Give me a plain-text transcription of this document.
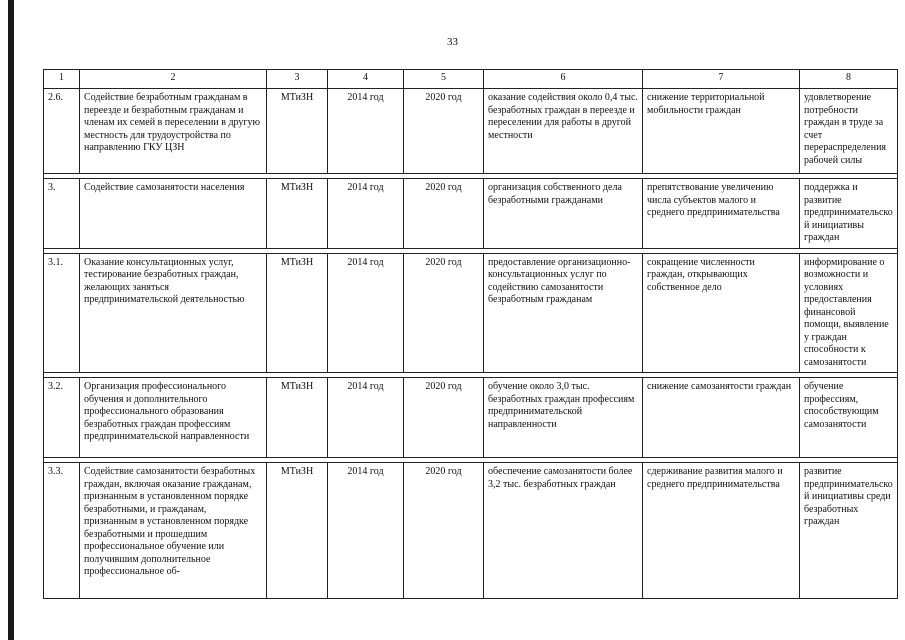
33
1	2	3	4	5	6	7	8
2.6.	Содействие безработным гражданам в переезде и безработным гражданам и членам их семей в переселении в другую местность для трудоустройства по направлению ГКУ ЦЗН	МТиЗН	2014 год	2020 год	оказание содействия около 0,4 тыс. безработных граждан в переезде и переселении для работы в другой местности	снижение территориальной мобильности граждан	удовлетворение потребности граждан в труде за счет перераспределения рабочей силы

3.	Содействие самозанятости населения	МТиЗН	2014 год	2020 год	организация собственного дела безработными гражданами	препятствование увеличению числа субъектов малого и среднего предпринимательства	поддержка и развитие предпринимательской инициативы граждан

3.1.	Оказание консультационных услуг, тестирование безработных граждан, желающих заняться предпринимательской деятельностью	МТиЗН	2014 год	2020 год	предоставление организационно-консультационных услуг по содействию самозанятости безработным гражданам	сокращение численности граждан, открывающих собственное дело	информирование о возможности и условиях предоставления финансовой помощи, выявление у граждан способности к самозанятости

3.2.	Организация профессионального обучения и дополнительного профессионального образования безработных граждан профессиям предпринимательской направленности	МТиЗН	2014 год	2020 год	обучение около 3,0 тыс. безработных граждан профессиям предпринимательской направленности	снижение самозанятости граждан	обучение профессиям, способствующим самозанятости

3.3.	Содействие самозанятости безработных граждан, включая оказание гражданам, признанным в установленном порядке безработными, и гражданам, признанным в установленном порядке безработными и прошедшим профессиональное обучение или получившим дополнительное профессиональное об-	МТиЗН	2014 год	2020 год	обеспечение самозанятости более 3,2 тыс. безработных граждан	сдерживание развития малого и среднего предпринимательства	развитие предпринимательской инициативы среди безработных граждан
